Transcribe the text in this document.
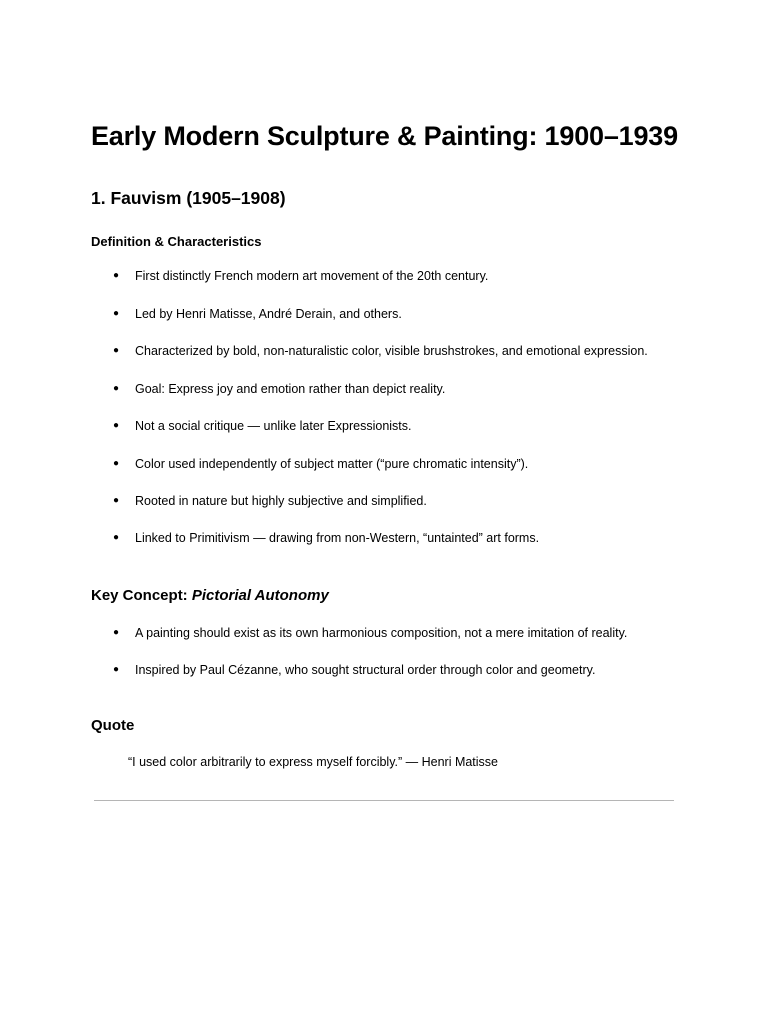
Early Modern Sculpture & Painting: 1900–1939
1. Fauvism (1905–1908)
Definition & Characteristics
● First distinctly French modern art movement of the 20th century.
● Led by Henri Matisse, André Derain, and others.
● Characterized by bold, non-naturalistic color, visible brushstrokes, and emotional expression.
● Goal: Express joy and emotion rather than depict reality.
● Not a social critique — unlike later Expressionists.
● Color used independently of subject matter (“pure chromatic intensity”).
● Rooted in nature but highly subjective and simplified.
● Linked to Primitivism — drawing from non-Western, “untainted” art forms.
Key Concept: Pictorial Autonomy
● A painting should exist as its own harmonious composition, not a mere imitation of reality.
● Inspired by Paul Cézanne, who sought structural order through color and geometry.
Quote

“I used color arbitrarily to express myself forcibly.” — Henri Matisse
